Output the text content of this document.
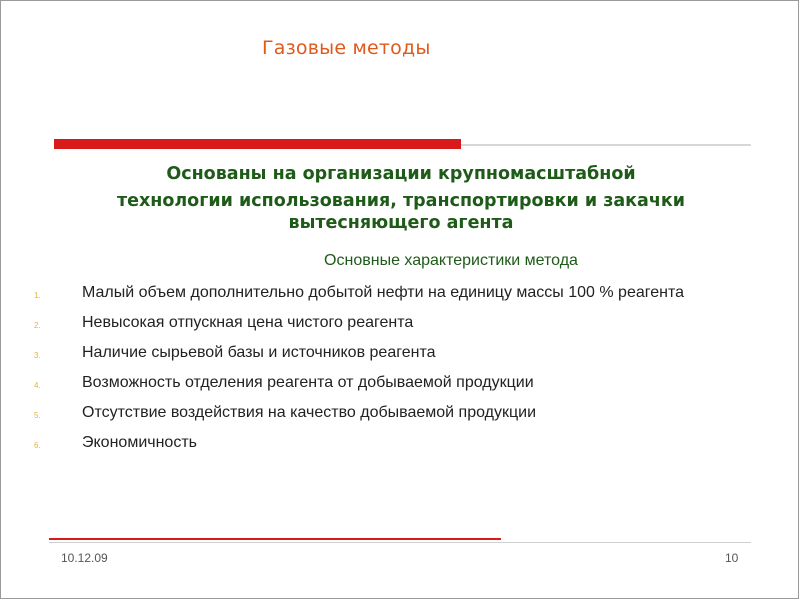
Газовые методы
Основаны на организации крупномасштабной
технологии использования, транспортировки и закачки
вытесняющего агента
Основные характеристики метода
1.	Малый объем дополнительно добытой нефти на единицу массы 100 % реагента
2.	Невысокая отпускная цена чистого реагента
3.	Наличие сырьевой базы и источников реагента
4.	Возможность отделения реагента от добываемой продукции
5.	Отсутствие воздействия на качество добываемой продукции
6.	Экономичность
10.12.09	10
